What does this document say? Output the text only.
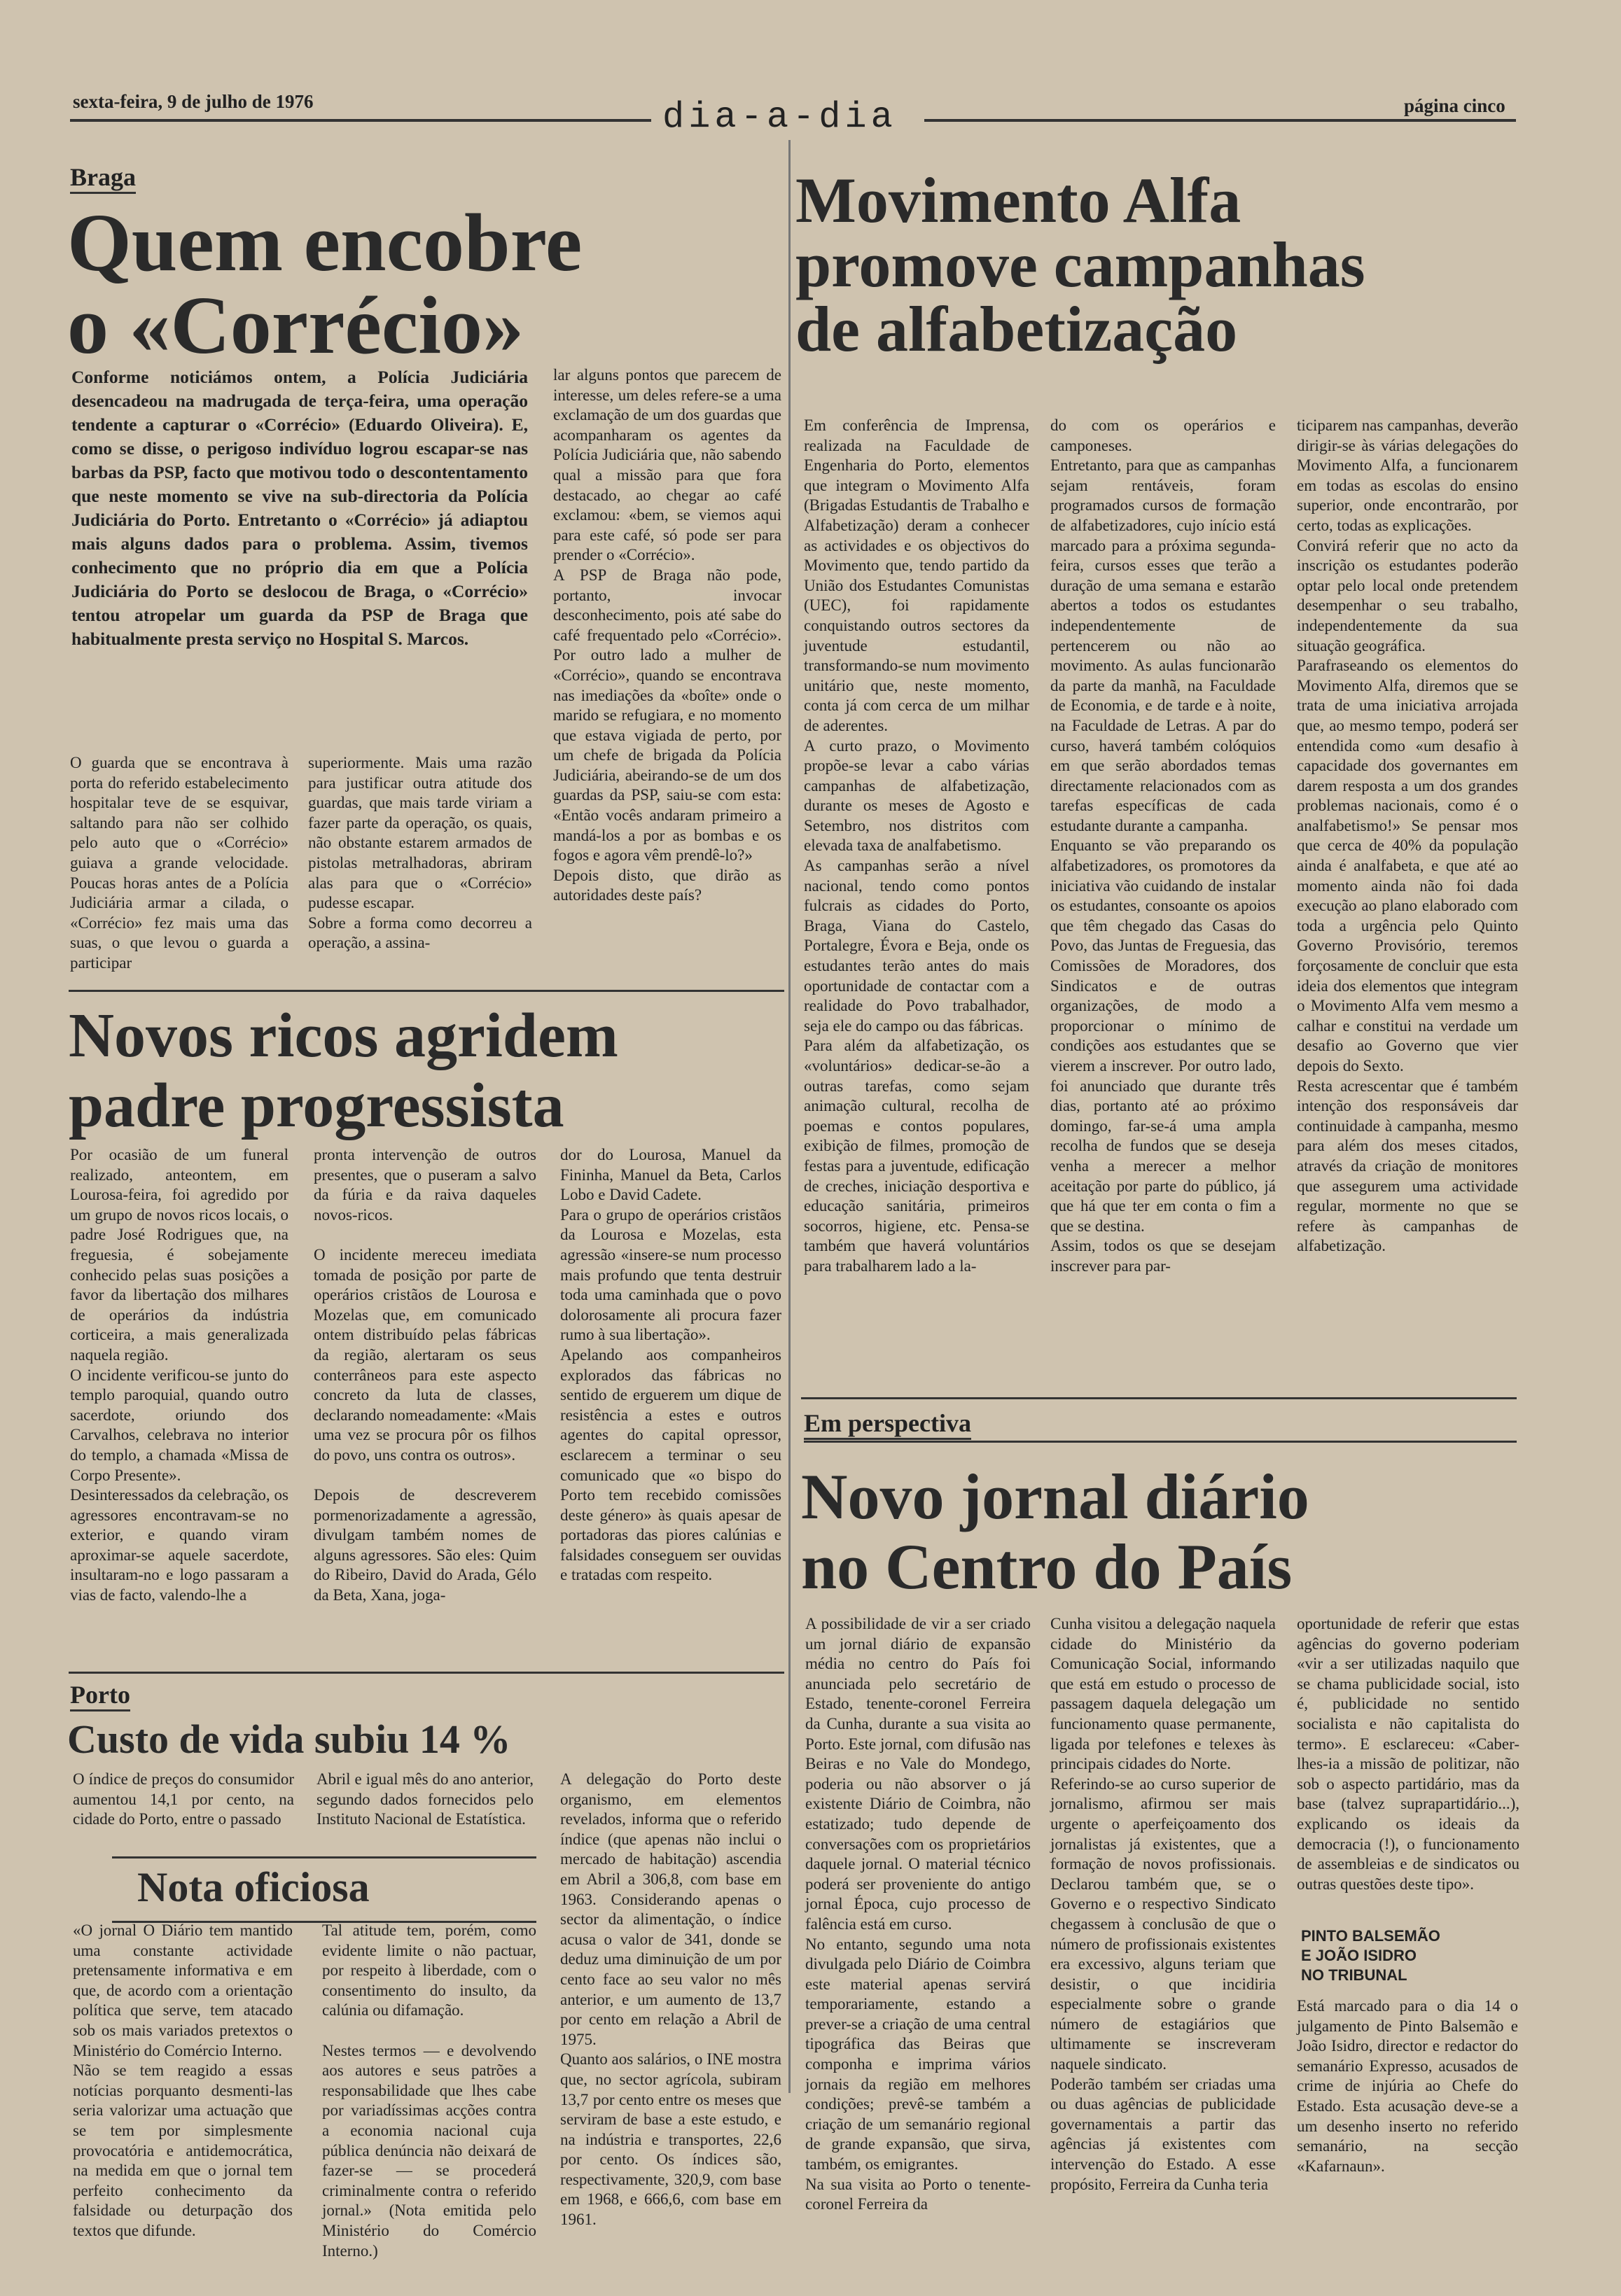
sexta-feira, 9 de julho de 1976	dia-a-dia	página cinco
Braga
Quem encobre
o «Corrécio»

Conforme noticiámos ontem, a Polícia Judiciária desencadeou na madrugada de terça-feira, uma operação tendente a capturar o «Corrécio» (Eduardo Oliveira). E, como se disse, o perigoso indivíduo logrou escapar-se nas barbas da PSP, facto que motivou todo o descontentamento que neste momento se vive na sub-directoria da Polícia Judiciária do Porto. Entretanto o «Corrécio» já adiaptou mais alguns dados para o problema. Assim, tivemos conhecimento que no próprio dia em que a Polícia Judiciária do Porto se deslocou de Braga, o «Corrécio» tentou atropelar um guarda da PSP de Braga que habitualmente presta serviço no Hospital S. Marcos.

O guarda que se encontrava à porta do referido estabelecimento hospitalar teve de se esquivar, saltando para não ser colhido pelo auto que o «Corrécio» guiava a grande velocidade. Poucas horas antes de a Polícia Judiciária armar a cilada, o «Corrécio» fez mais uma das suas, o que levou o guarda a participar

superiormente. Mais uma razão para justificar outra atitude dos guardas, que mais tarde viriam a fazer parte da operação, os quais, não obstante estarem armados de pistolas metralhadoras, abriram alas para que o «Corrécio» pudesse escapar.
Sobre a forma como decorreu a operação, a assina-

lar alguns pontos que parecem de interesse, um deles refere-se a uma exclamação de um dos guardas que acompanharam os agentes da Polícia Judiciária que, não sabendo qual a missão para que fora destacado, ao chegar ao café exclamou: «bem, se viemos aqui para este café, só pode ser para prender o «Corrécio».
A PSP de Braga não pode, portanto, invocar desconhecimento, pois até sabe do café frequentado pelo «Corrécio». Por outro lado a mulher de «Corrécio», quando se encontrava nas imediações da «boîte» onde o marido se refugiara, e no momento que estava vigiada de perto, por um chefe de brigada da Polícia Judiciária, abeirando-se de um dos guardas da PSP, saiu-se com esta: «Então vocês andaram primeiro a mandá-los a por as bombas e os fogos e agora vêm prendê-lo?»
Depois disto, que dirão as autoridades deste país?

Movimento Alfa
promove campanhas
de alfabetização

Em conferência de Imprensa, realizada na Faculdade de Engenharia do Porto, elementos que integram o Movimento Alfa (Brigadas Estudantis de Trabalho e Alfabetização) deram a conhecer as actividades e os objectivos do Movimento que, tendo partido da União dos Estudantes Comunistas (UEC), foi rapidamente conquistando outros sectores da juventude estudantil, transformando-se num movimento unitário que, neste momento, conta já com cerca de um milhar de aderentes.
A curto prazo, o Movimento propõe-se levar a cabo várias campanhas de alfabetização, durante os meses de Agosto e Setembro, nos distritos com elevada taxa de analfabetismo.
As campanhas serão a nível nacional, tendo como pontos fulcrais as cidades do Porto, Braga, Viana do Castelo, Portalegre, Évora e Beja, onde os estudantes terão antes do mais oportunidade de contactar com a realidade do Povo trabalhador, seja ele do campo ou das fábricas.
Para além da alfabetização, os «voluntários» dedicar-se-ão a outras tarefas, como sejam animação cultural, recolha de poemas e contos populares, exibição de filmes, promoção de festas para a juventude, edificação de creches, iniciação desportiva e educação sanitária, primeiros socorros, higiene, etc. Pensa-se também que haverá voluntários para trabalharem lado a la-

do com os operários e camponeses.
Entretanto, para que as campanhas sejam rentáveis, foram programados cursos de formação de alfabetizadores, cujo início está marcado para a próxima segunda-feira, cursos esses que terão a duração de uma semana e estarão abertos a todos os estudantes independentemente de pertencerem ou não ao movimento. As aulas funcionarão da parte da manhã, na Faculdade de Economia, e de tarde e à noite, na Faculdade de Letras. A par do curso, haverá também colóquios em que serão abordados temas directamente relacionados com as tarefas específicas de cada estudante durante a campanha.
Enquanto se vão preparando os alfabetizadores, os promotores da iniciativa vão cuidando de instalar os estudantes, consoante os apoios que têm chegado das Casas do Povo, das Juntas de Freguesia, das Comissões de Moradores, dos Sindicatos e de outras organizações, de modo a proporcionar o mínimo de condições aos estudantes que se vierem a inscrever. Por outro lado, foi anunciado que durante três dias, portanto até ao próximo domingo, far-se-á uma ampla recolha de fundos que se deseja venha a merecer a melhor aceitação por parte do público, já que há que ter em conta o fim a que se destina.
Assim, todos os que se desejam inscrever para par-

ticiparem nas campanhas, deverão dirigir-se às várias delegações do Movimento Alfa, a funcionarem em todas as escolas do ensino superior, onde encontrarão, por certo, todas as explicações.
Convirá referir que no acto da inscrição os estudantes poderão optar pelo local onde pretendem desempenhar o seu trabalho, independentemente da sua situação geográfica.
Parafraseando os elementos do Movimento Alfa, diremos que se trata de uma iniciativa arrojada que, ao mesmo tempo, poderá ser entendida como «um desafio à capacidade dos governantes em darem resposta a um dos grandes problemas nacionais, como é o analfabetismo!» Se pensar mos que cerca de 40% da população ainda é analfabeta, e que até ao momento ainda não foi dada execução ao plano elaborado com toda a urgência pelo Quinto Governo Provisório, teremos forçosamente de concluir que esta ideia dos elementos que integram o Movimento Alfa vem mesmo a calhar e constitui na verdade um desafio ao Governo que vier depois do Sexto.
Resta acrescentar que é também intenção dos responsáveis dar continuidade à campanha, mesmo para além dos meses citados, através da criação de monitores que assegurem uma actividade regular, mormente no que se refere às campanhas de alfabetização.

Novos ricos agridem
padre progressista

Por ocasião de um funeral realizado, anteontem, em Lourosa-feira, foi agredido por um grupo de novos ricos locais, o padre José Rodrigues que, na freguesia, é sobejamente conhecido pelas suas posições a favor da libertação dos milhares de operários da indústria corticeira, a mais generalizada naquela região.
O incidente verificou-se junto do templo paroquial, quando outro sacerdote, oriundo dos Carvalhos, celebrava no interior do templo, a chamada «Missa de Corpo Presente».
Desinteressados da celebração, os agressores encontravam-se no exterior, e quando viram aproximar-se aquele sacerdote, insultaram-no e logo passaram a vias de facto, valendo-lhe a

pronta intervenção de outros presentes, que o puseram a salvo da fúria e da raiva daqueles novos-ricos.

O incidente mereceu imediata tomada de posição por parte de operários cristãos de Lourosa e Mozelas que, em comunicado ontem distribuído pelas fábricas da região, alertaram os seus conterrâneos para este aspecto concreto da luta de classes, declarando nomeadamente: «Mais uma vez se procura pôr os filhos do povo, uns contra os outros».

Depois de descreverem pormenorizadamente a agressão, divulgam também nomes de alguns agressores. São eles: Quim do Ribeiro, David do Arada, Gélo da Beta, Xana, joga-

dor do Lourosa, Manuel da Fininha, Manuel da Beta, Carlos Lobo e David Cadete.
Para o grupo de operários cristãos da Lourosa e Mozelas, esta agressão «insere-se num processo mais profundo que tenta destruir toda uma caminhada que o povo dolorosamente ali procura fazer rumo à sua libertação».
Apelando aos companheiros explorados das fábricas no sentido de erguerem um dique de resistência a estes e outros agentes do capital opressor, esclarecem a terminar o seu comunicado que «o bispo do Porto tem recebido comissões deste género» às quais apesar de portadoras das piores calúnias e falsidades conseguem ser ouvidas e tratadas com respeito.

Porto
Custo de vida subiu 14 %

O índice de preços do consumidor aumentou 14,1 por cento, na cidade do Porto, entre o passado

Abril e igual mês do ano anterior, segundo dados fornecidos pelo Instituto Nacional de Estatística.

A delegação do Porto deste organismo, em elementos revelados, informa que o referido índice (que apenas não inclui o mercado de habitação) ascendia em Abril a 306,8, com base em 1963. Considerando apenas o sector da alimentação, o índice acusa o valor de 341, donde se deduz uma diminuição de um por cento face ao seu valor no mês anterior, e um aumento de 13,7 por cento em relação a Abril de 1975.
Quanto aos salários, o INE mostra que, no sector agrícola, subiram 13,7 por cento entre os meses que serviram de base a este estudo, e na indústria e transportes, 22,6 por cento. Os índices são, respectivamente, 320,9, com base em 1968, e 666,6, com base em 1961.

Nota oficiosa

«O jornal O Diário tem mantido uma constante actividade pretensamente informativa e em que, de acordo com a orientação política que serve, tem atacado sob os mais variados pretextos o Ministério do Comércio Interno.
Não se tem reagido a essas notícias porquanto desmenti-las seria valorizar uma actuação que se tem por simplesmente provocatória e antidemocrática, na medida em que o jornal tem perfeito conhecimento da falsidade ou deturpação dos textos que difunde.

Tal atitude tem, porém, como evidente limite o não pactuar, por respeito à liberdade, com o consentimento do insulto, da calúnia ou difamação.

Nestes termos — e devolvendo aos autores e seus patrões a responsabilidade que lhes cabe por variadíssimas acções contra a economia nacional cuja pública denúncia não deixará de fazer-se — se procederá criminalmente contra o referido jornal.» (Nota emitida pelo Ministério do Comércio Interno.)

Em perspectiva
Novo jornal diário
no Centro do País

A possibilidade de vir a ser criado um jornal diário de expansão média no centro do País foi anunciada pelo secretário de Estado, tenente-coronel Ferreira da Cunha, durante a sua visita ao Porto. Este jornal, com difusão nas Beiras e no Vale do Mondego, poderia ou não absorver o já existente Diário de Coimbra, não estatizado; tudo depende de conversações com os proprietários daquele jornal. O material técnico poderá ser proveniente do antigo jornal Época, cujo processo de falência está em curso.
No entanto, segundo uma nota divulgada pelo Diário de Coimbra este material apenas servirá temporariamente, estando a prever-se a criação de uma central tipográfica das Beiras que componha e imprima vários jornais da região em melhores condições; prevê-se também a criação de um semanário regional de grande expansão, que sirva, também, os emigrantes.
Na sua visita ao Porto o tenente-coronel Ferreira da

Cunha visitou a delegação naquela cidade do Ministério da Comunicação Social, informando que está em estudo o processo de passagem daquela delegação um funcionamento quase permanente, ligada por telefones e telexes às principais cidades do Norte.
Referindo-se ao curso superior de jornalismo, afirmou ser mais urgente o aperfeiçoamento dos jornalistas já existentes, que a formação de novos profissionais. Declarou também que, se o Governo e o respectivo Sindicato chegassem à conclusão de que o número de profissionais existentes era excessivo, alguns teriam que desistir, o que incidiria especialmente sobre o grande número de estagiários que ultimamente se inscreveram naquele sindicato.
Poderão também ser criadas uma ou duas agências de publicidade governamentais a partir das agências já existentes com intervenção do Estado. A esse propósito, Ferreira da Cunha teria

oportunidade de referir que estas agências do governo poderiam «vir a ser utilizadas naquilo que se chama publicidade social, isto é, publicidade no sentido socialista e não capitalista do termo». E esclareceu: «Caber-lhes-ia a missão de politizar, não sob o aspecto partidário, mas da base (talvez suprapartidário...), explicando os ideais da democracia (!), o funcionamento de assembleias e de sindicatos ou outras questões deste tipo».

PINTO BALSEMÃO
E JOÃO ISIDRO
NO TRIBUNAL

Está marcado para o dia 14 o julgamento de Pinto Balsemão e João Isidro, director e redactor do semanário Expresso, acusados de crime de injúria ao Chefe do Estado. Esta acusação deve-se a um desenho inserto no referido semanário, na secção «Kafarnaun».
